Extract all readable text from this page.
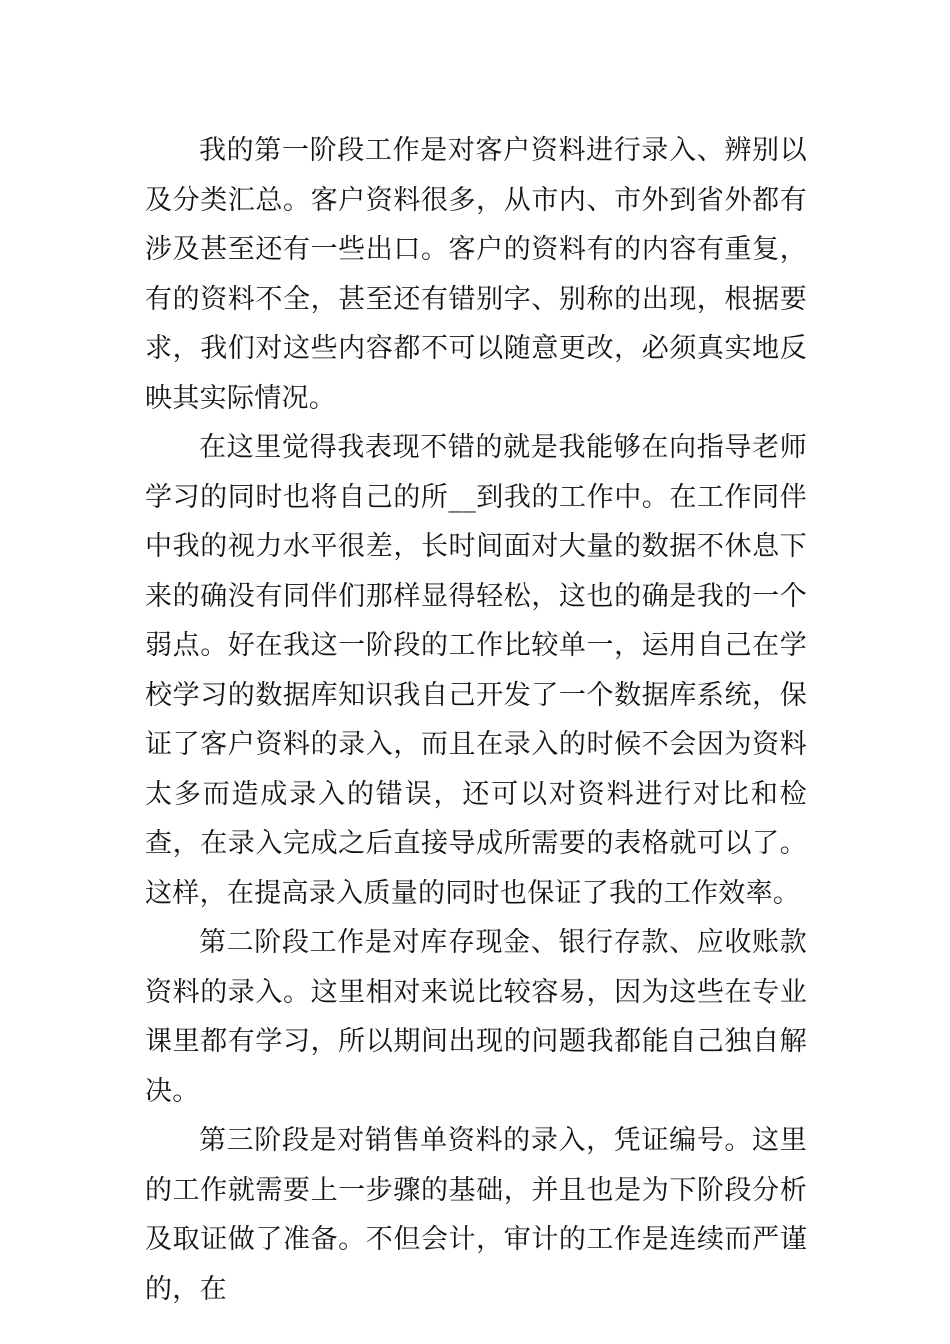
我的第一阶段工作是对客户资料进行录入、辨别以及分类汇总。客户资料很多，从市内、市外到省外都有涉及甚至还有一些出口。客户的资料有的内容有重复，有的资料不全，甚至还有错别字、别称的出现，根据要求，我们对这些内容都不可以随意更改，必须真实地反映其实际情况。

在这里觉得我表现不错的就是我能够在向指导老师学习的同时也将自己的所__到我的工作中。在工作同伴中我的视力水平很差，长时间面对大量的数据不休息下来的确没有同伴们那样显得轻松，这也的确是我的一个弱点。好在我这一阶段的工作比较单一，运用自己在学校学习的数据库知识我自己开发了一个数据库系统，保证了客户资料的录入，而且在录入的时候不会因为资料太多而造成录入的错误，还可以对资料进行对比和检查，在录入完成之后直接导成所需要的表格就可以了。这样，在提高录入质量的同时也保证了我的工作效率。

第二阶段工作是对库存现金、银行存款、应收账款资料的录入。这里相对来说比较容易，因为这些在专业课里都有学习，所以期间出现的问题我都能自己独自解决。

第三阶段是对销售单资料的录入，凭证编号。这里的工作就需要上一步骤的基础，并且也是为下阶段分析及取证做了准备。不但会计，审计的工作是连续而严谨的，在
